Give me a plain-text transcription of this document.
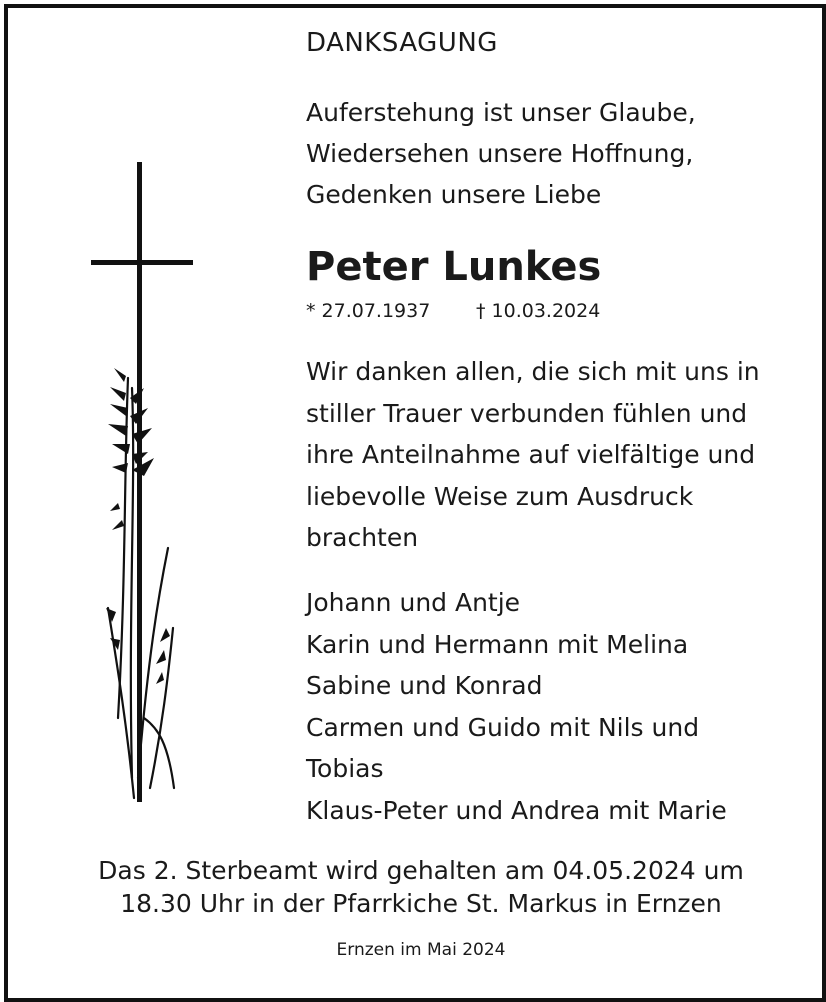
DANKSAGUNG
Auferstehung ist unser Glaube,
Wiedersehen unsere Hoffnung,
Gedenken unsere Liebe
Peter Lunkes
* 27.07.1937 † 10.03.2024
Wir danken allen, die sich mit uns in
stiller Trauer verbunden fühlen und
ihre Anteilnahme auf vielfältige und
liebevolle Weise zum Ausdruck
brachten
Johann und Antje
Karin und Hermann mit Melina
Sabine und Konrad
Carmen und Guido mit Nils und
Tobias
Klaus-Peter und Andrea mit Marie
Das 2. Sterbeamt wird gehalten am 04.05.2024 um
18.30 Uhr in der Pfarrkiche St. Markus in Ernzen
Ernzen im Mai 2024
